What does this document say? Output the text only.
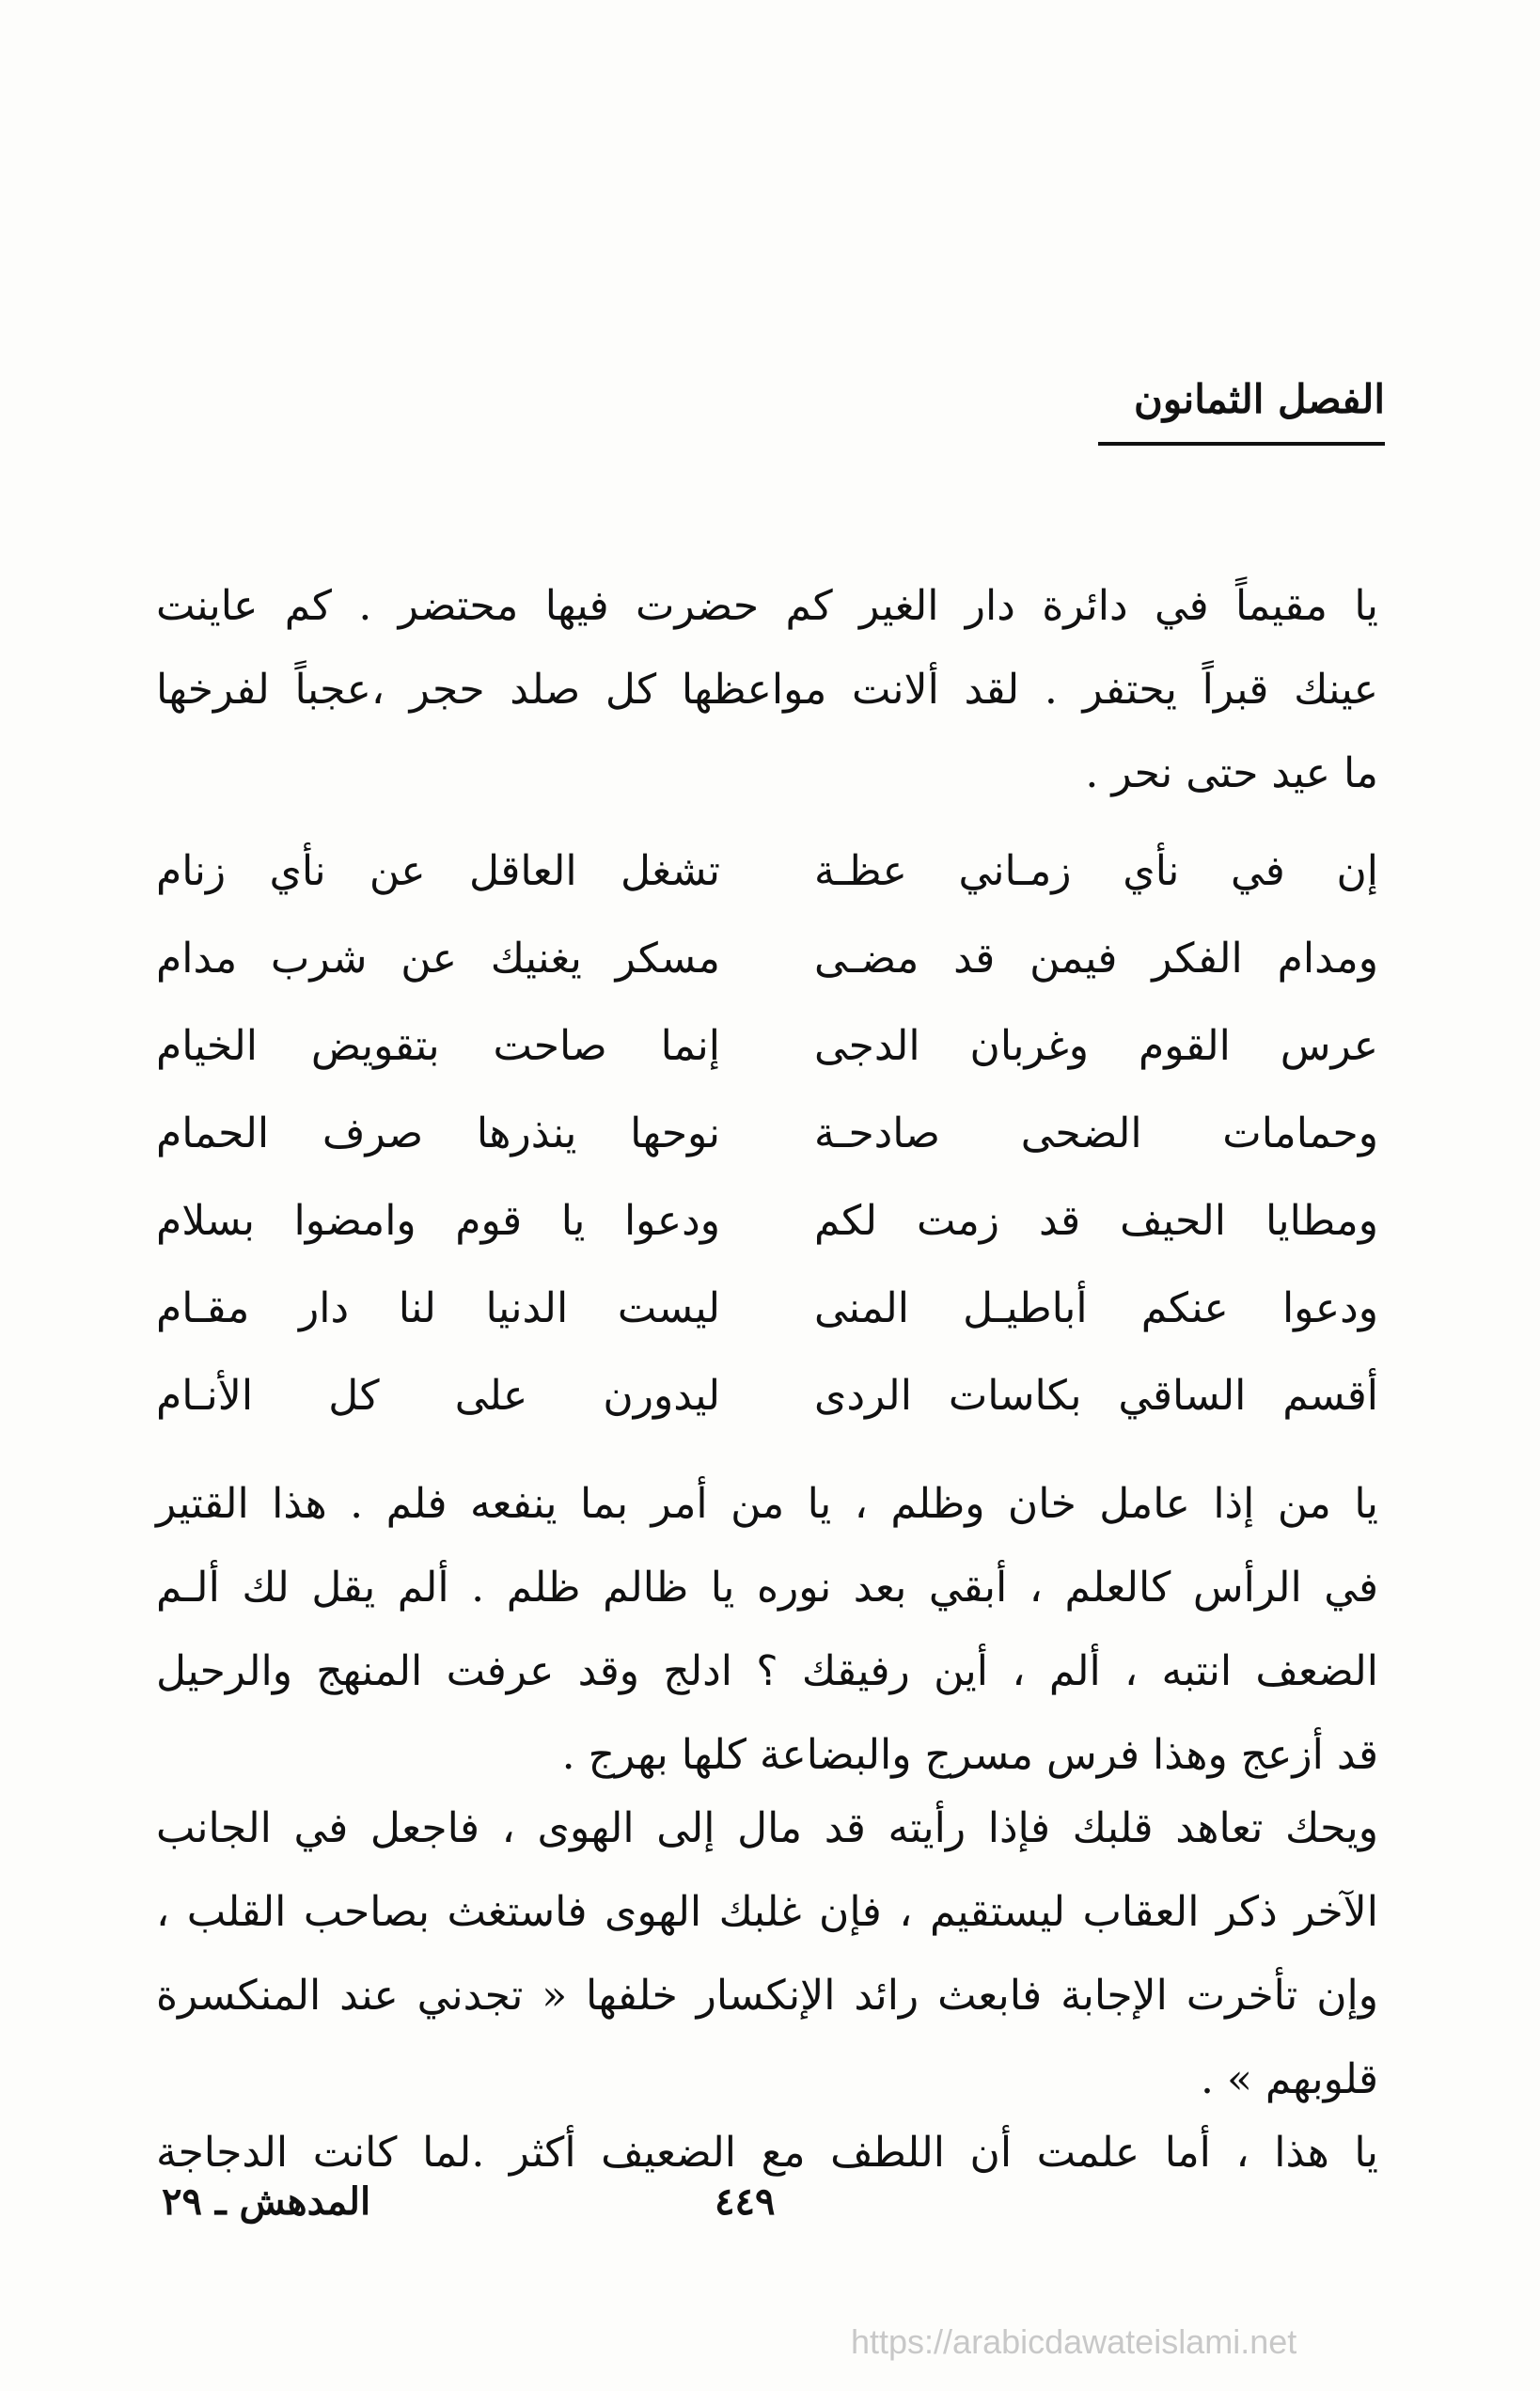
الفصل الثمانون
يا مقيماً في دائرة دار الغير كم حضرت فيها محتضر . كم عاينت
عينك قبراً يحتفر . لقد ألانت مواعظها كل صلد حجر ،عجباً لفرخها
ما عيد حتى نحر .
إن في نأي زمـاني عظـة
تشغل العاقل عن نأي زنام
ومدام الفكر فيمن قد مضـى
مسكر يغنيك عن شرب مدام
عرس القوم وغربان الدجى
إنما صاحت بتقويض الخيام
وحمامات الضحى صادحـة
نوحها ينذرها صرف الحمام
ومطايا الحيف قد زمت لكم
ودعوا يا قوم وامضوا بسلام
ودعوا عنكم أباطيـل المنى
ليست الدنيا لنا دار مقـام
أقسم الساقي بكاسات الردى
ليدورن على كل الأنـام
يا من إذا عامل خان وظلم ، يا من أمر بما ينفعه فلم . هذا القتير
في الرأس كالعلم ، أبقي بعد نوره يا ظالم ظلم . ألم يقل لك ألـم
الضعف انتبه ، ألم ، أين رفيقك ؟ ادلج وقد عرفت المنهج والرحيل
قد أزعج وهذا فرس مسرج والبضاعة كلها بهرج .
ويحك تعاهد قلبك فإذا رأيته قد مال إلى الهوى ، فاجعل في الجانب
الآخر ذكر العقاب ليستقيم ، فإن غلبك الهوى فاستغث بصاحب القلب ،
وإن تأخرت الإجابة فابعث رائد الإنكسار خلفها « تجدني عند المنكسرة
قلوبهم » .
يا هذا ، أما علمت أن اللطف مع الضعيف أكثر .لما كانت الدجاجة
المدهش ـ ٢٩	٤٤٩
https://arabicdawateislami.net
